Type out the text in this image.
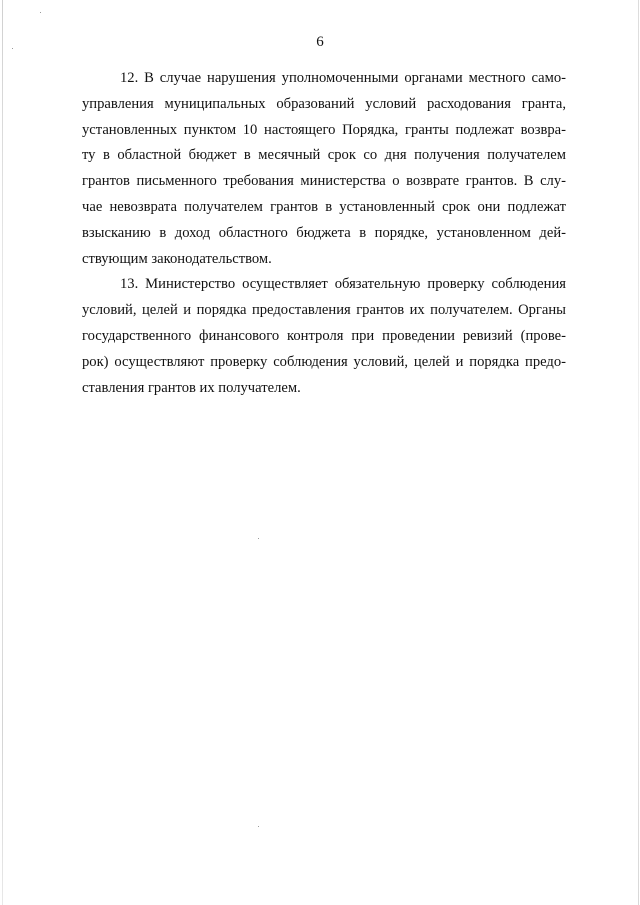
6
12. В случае нарушения уполномоченными органами местного само-
управления муниципальных образований условий расходования гранта,
установленных пунктом 10 настоящего Порядка, гранты подлежат возвра-
ту в областной бюджет в месячный срок со дня получения получателем
грантов письменного требования министерства о возврате грантов. В слу-
чае невозврата получателем грантов в установленный срок они подлежат
взысканию в доход областного бюджета в порядке, установленном дей-
ствующим законодательством.
13. Министерство осуществляет обязательную проверку соблюдения
условий, целей и порядка предоставления грантов их получателем. Органы
государственного финансового контроля при проведении ревизий (прове-
рок) осуществляют проверку соблюдения условий, целей и порядка предо-
ставления грантов их получателем.
